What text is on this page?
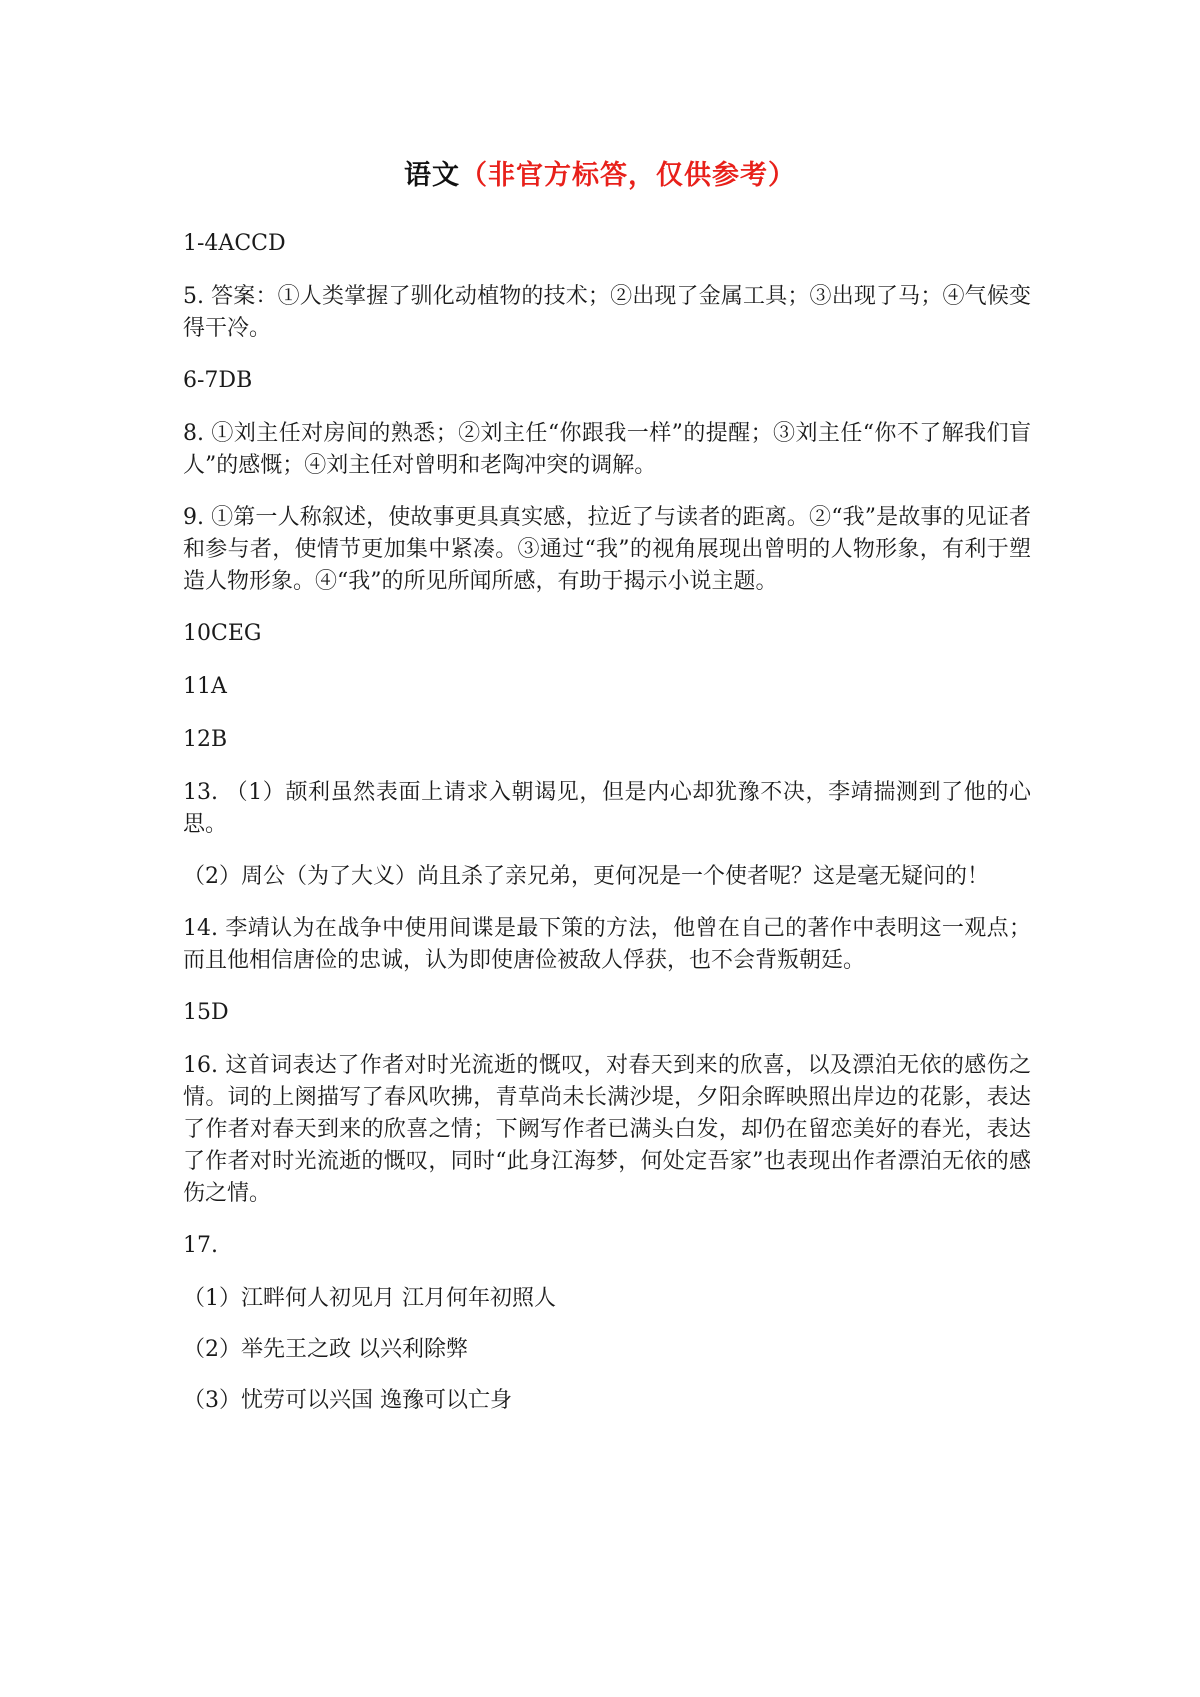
语文（非官方标答，仅供参考）

1-4ACCD

5. 答案：①人类掌握了驯化动植物的技术；②出现了金属工具；③出现了马；④气候变得干冷。

6-7DB

8. ①刘主任对房间的熟悉；②刘主任“你跟我一样”的提醒；③刘主任“你不了解我们盲人”的感慨；④刘主任对曾明和老陶冲突的调解。

9. ①第一人称叙述，使故事更具真实感，拉近了与读者的距离。②“我”是故事的见证者和参与者，使情节更加集中紧凑。③通过“我”的视角展现出曾明的人物形象，有利于塑造人物形象。④“我”的所见所闻所感，有助于揭示小说主题。

10CEG

11A

12B

13. （1）颉利虽然表面上请求入朝谒见，但是内心却犹豫不决，李靖揣测到了他的心思。

（2）周公（为了大义）尚且杀了亲兄弟，更何况是一个使者呢？这是毫无疑问的！

14. 李靖认为在战争中使用间谍是最下策的方法，他曾在自己的著作中表明这一观点；而且他相信唐俭的忠诚，认为即使唐俭被敌人俘获，也不会背叛朝廷。

15D

16. 这首词表达了作者对时光流逝的慨叹，对春天到来的欣喜，以及漂泊无依的感伤之情。词的上阕描写了春风吹拂，青草尚未长满沙堤，夕阳余晖映照出岸边的花影，表达了作者对春天到来的欣喜之情；下阙写作者已满头白发，却仍在留恋美好的春光，表达了作者对时光流逝的慨叹，同时“此身江海梦，何处定吾家”也表现出作者漂泊无依的感伤之情。

17.

（1）江畔何人初见月 江月何年初照人

（2）举先王之政 以兴利除弊

（3）忧劳可以兴国 逸豫可以亡身
